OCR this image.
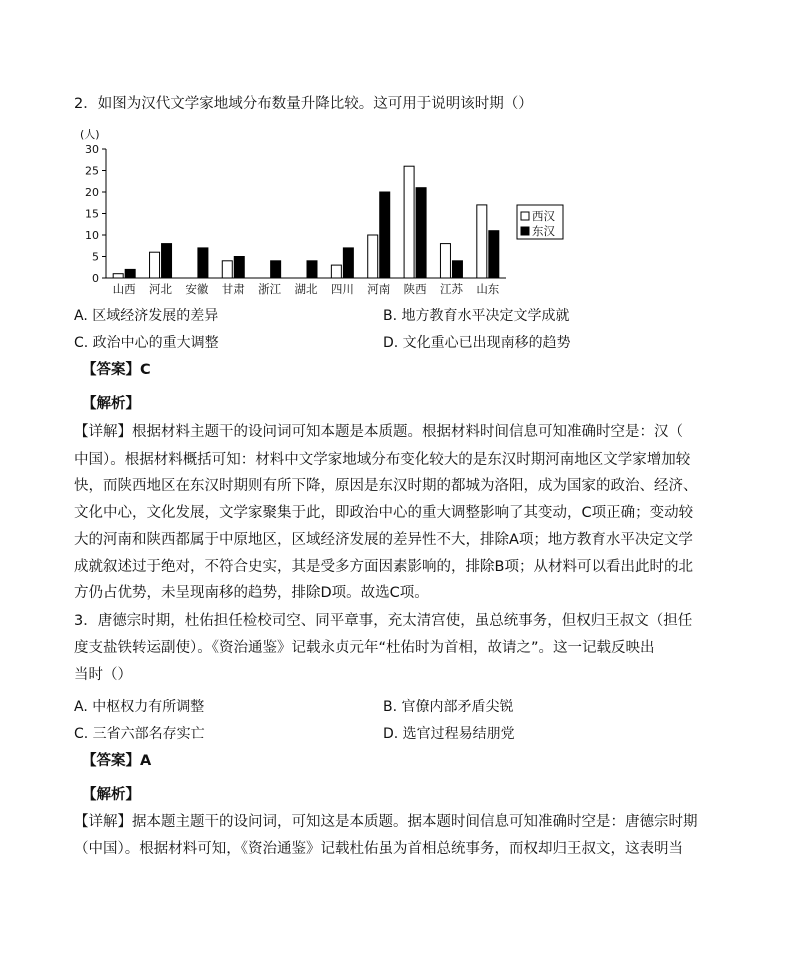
2．如图为汉代文学家地域分布数量升降比较。这可用于说明该时期（）
(人)
0
5
10
15
20
25
30
山西 河北 安徽 甘肃 浙江 湖北 四川 河南 陕西 江苏 山东
西汉
东汉
A. 区域经济发展的差异	B. 地方教育水平决定文学成就
C. 政治中心的重大调整	D. 文化重心已出现南移的趋势
【答案】C
【解析】
【详解】根据材料主题干的设问词可知本题是本质题。根据材料时间信息可知准确时空是：汉（
中国）。根据材料概括可知：材料中文学家地域分布变化较大的是东汉时期河南地区文学家增加较
快，而陕西地区在东汉时期则有所下降，原因是东汉时期的都城为洛阳，成为国家的政治、经济、
文化中心，文化发展，文学家聚集于此，即政治中心的重大调整影响了其变动，C项正确；变动较
大的河南和陕西都属于中原地区，区域经济发展的差异性不大，排除A项；地方教育水平决定文学
成就叙述过于绝对，不符合史实，其是受多方面因素影响的，排除B项；从材料可以看出此时的北
方仍占优势，未呈现南移的趋势，排除D项。故选C项。
3．唐德宗时期，杜佑担任检校司空、同平章事，充太清宫使，虽总统事务，但权归王叔文（担任
度支盐铁转运副使）。《资治通鉴》记载永贞元年“杜佑时为首相，故请之”。这一记载反映出
当时（）
A. 中枢权力有所调整	B. 官僚内部矛盾尖锐
C. 三省六部名存实亡	D. 选官过程易结朋党
【答案】A
【解析】
【详解】据本题主题干的设问词，可知这是本质题。据本题时间信息可知准确时空是：唐德宗时期
（中国）。根据材料可知，《资治通鉴》记载杜佑虽为首相总统事务，而权却归王叔文，这表明当
